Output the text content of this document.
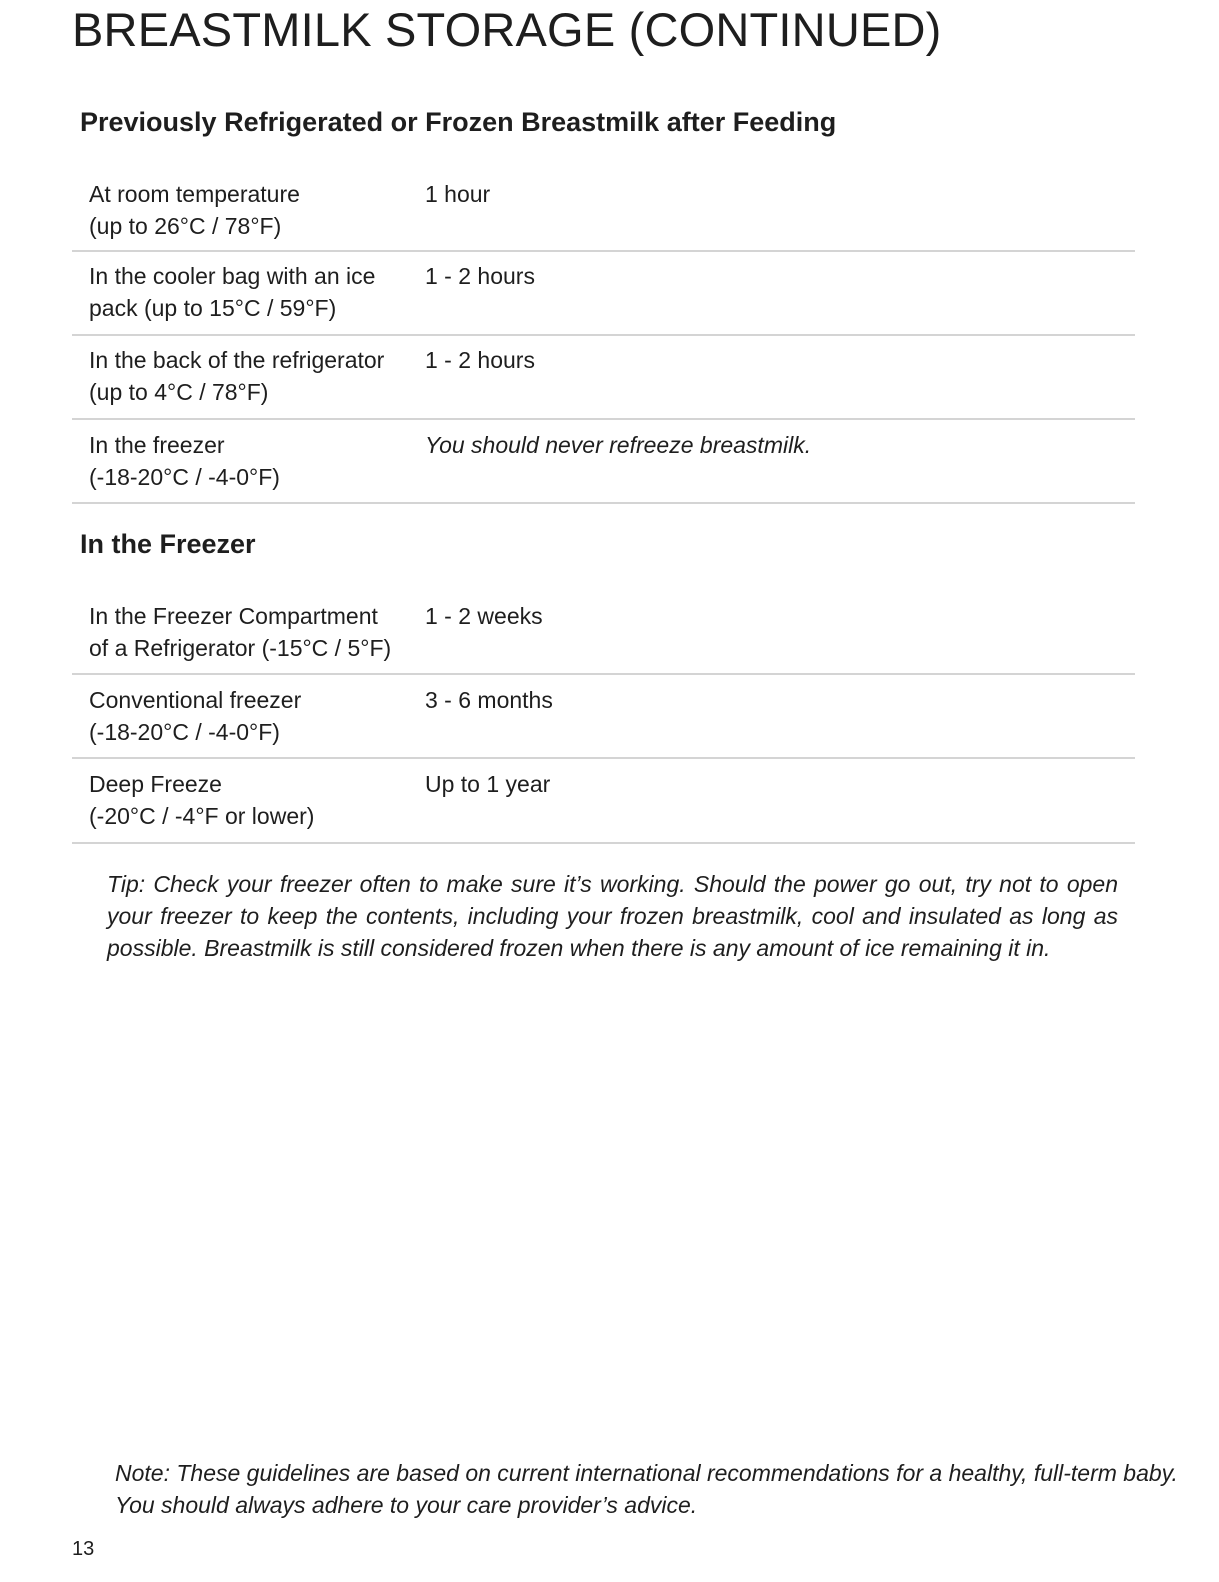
BREASTMILK STORAGE (CONTINUED)
Previously Refrigerated or Frozen Breastmilk after Feeding
At room temperature
(up to 26°C / 78°F)
1 hour
In the cooler bag with an ice
pack (up to 15°C / 59°F)
1 - 2 hours
In the back of the refrigerator
(up to 4°C / 78°F)
1 - 2 hours
In the freezer
(-18-20°C / -4-0°F)
You should never refreeze breastmilk.
In the Freezer
In the Freezer Compartment
of a Refrigerator (-15°C / 5°F)
1 - 2 weeks
Conventional freezer
(-18-20°C / -4-0°F)
3 - 6 months
Deep Freeze
(-20°C / -4°F or lower)
Up to 1 year
Tip: Check your freezer often to make sure it’s working. Should the power go out, try not to open your freezer to keep the contents, including your frozen breastmilk, cool and insulated as long as possible. Breastmilk is still considered frozen when there is any amount of ice remaining it in.
Note: These guidelines are based on current international recommendations for a healthy, full-term baby.
You should always adhere to your care provider’s advice.
13
